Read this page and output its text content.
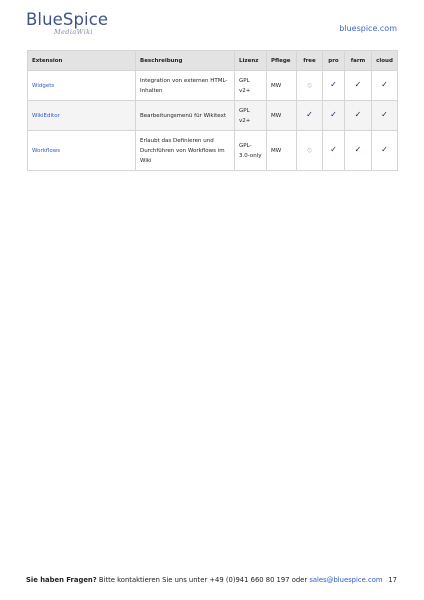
BlueSpice
MediaWiki	bluespice.com
Extension	Beschreibung	Lizenz	Pflege	free	pro	farm	cloud
Widgets	Integration von externen HTML-Inhalten	GPL v2+	MW	⦸	✓	✓	✓
WikiEditor	Bearbeitungsmenü für Wikitext	GPL v2+	MW	✓	✓	✓	✓
Workflows	Erlaubt das Definieren und Durchführen von Workflows im Wiki	GPL-3.0-only	MW	⦸	✓	✓	✓
Sie haben Fragen? Bitte kontaktieren Sie uns unter +49 (0)941 660 80 197 oder sales@bluespice.com 17
